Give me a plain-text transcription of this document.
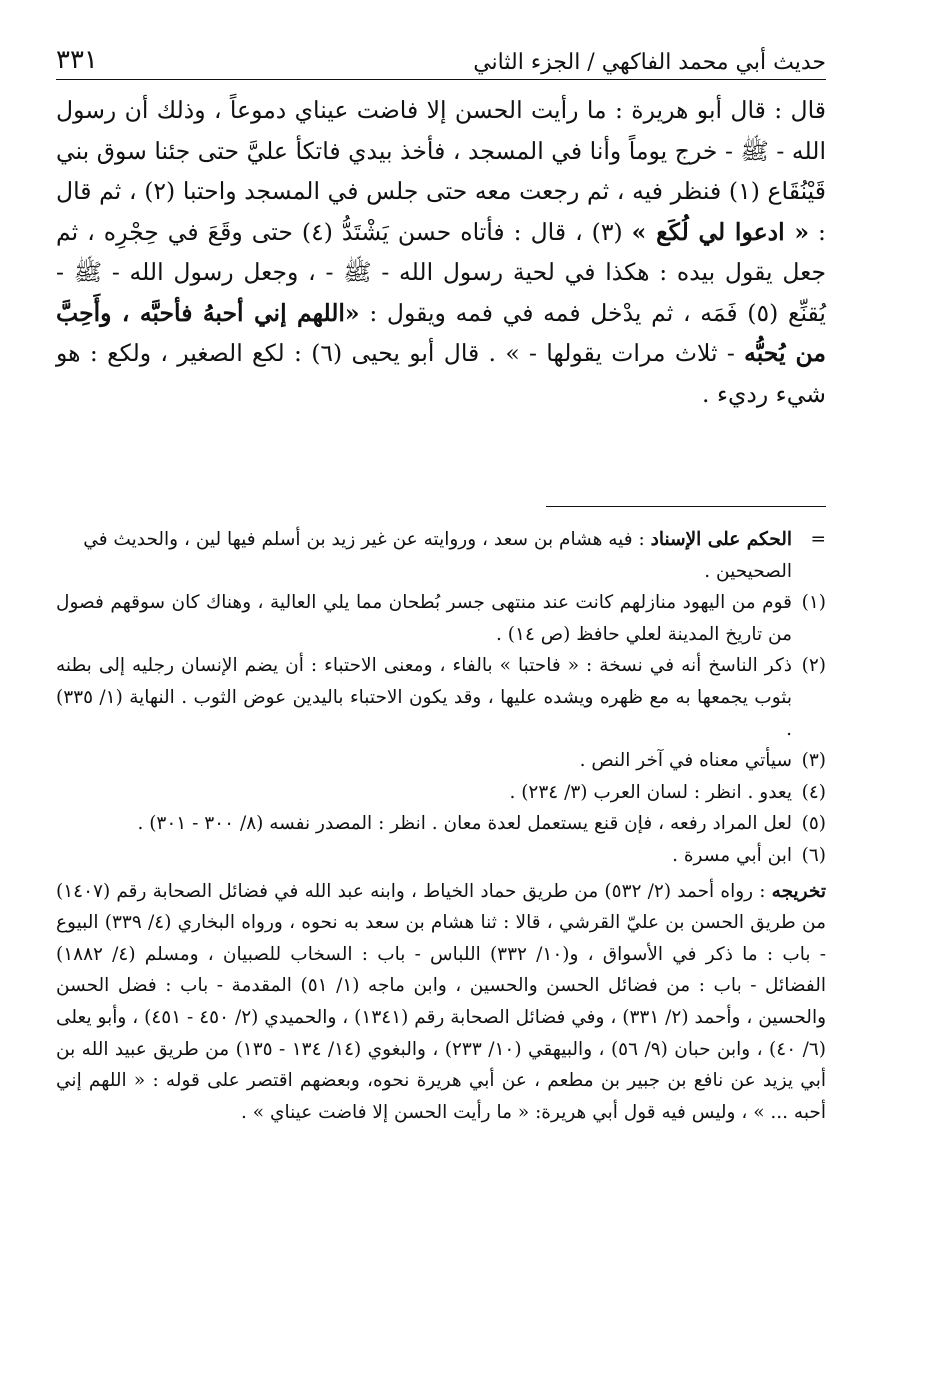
حديث أبي محمد الفاكهي / الجزء الثاني
٣٣١

قال : قال أبو هريرة : ما رأيت الحسن إلا فاضت عيناي دموعاً ، وذلك أن رسول الله - ﷺ - خرج يوماً وأنا في المسجد ، فأخذ بيدي فاتكأ عليَّ حتى جئنا سوق بني قَيْنُقَاع (١) فنظر فيه ، ثم رجعت معه حتى جلس في المسجد واحتبا (٢) ، ثم قال : « ادعوا لي لُكَع » (٣) ، قال : فأتاه حسن يَشْتَدُّ (٤) حتى وقَعَ في حِجْرِه ، ثم جعل يقول بيده : هكذا في لحية رسول الله - ﷺ - ، وجعل رسول الله - ﷺ - يُقنِّع (٥) فَمَه ، ثم يدْخل فمه في فمه ويقول : «اللهم إني أحبهُ فأحبَّه ، وأَحِبَّ من يُحبُّه - ثلاث مرات يقولها - » . قال أبو يحيى (٦) : لكع الصغير ، ولكع : هو شيء رديء .

=
الحكم على الإسناد : فيه هشام بن سعد ، وروايته عن غير زيد بن أسلم فيها لين ، والحديث في الصحيحين .
(١)
قوم من اليهود منازلهم كانت عند منتهى جسر بُطحان مما يلي العالية ، وهناك كان سوقهم فصول من تاريخ المدينة لعلي حافظ (ص ١٤) .
(٢)
ذكر الناسخ أنه في نسخة : « فاحتبا » بالفاء ، ومعنى الاحتباء : أن يضم الإنسان رجليه إلى بطنه بثوب يجمعها به مع ظهره ويشده عليها ، وقد يكون الاحتباء باليدين عوض الثوب . النهاية (١/ ٣٣٥) .
(٣)
سيأتي معناه في آخر النص .
(٤)
يعدو . انظر : لسان العرب (٣/ ٢٣٤) .
(٥)
لعل المراد رفعه ، فإن قنع يستعمل لعدة معان . انظر : المصدر نفسه (٨/ ٣٠٠ - ٣٠١) .
(٦)
ابن أبي مسرة .
تخريجه : رواه أحمد (٢/ ٥٣٢) من طريق حماد الخياط ، وابنه عبد الله في فضائل الصحابة رقم (١٤٠٧) من طريق الحسن بن عليّ القرشي ، قالا : ثنا هشام بن سعد به نحوه ، ورواه البخاري (٤/ ٣٣٩) البيوع - باب : ما ذكر في الأسواق ، و(١٠/ ٣٣٢) اللباس - باب : السخاب للصبيان ، ومسلم (٤/ ١٨٨٢) الفضائل - باب : من فضائل الحسن والحسين ، وابن ماجه (١/ ٥١) المقدمة - باب : فضل الحسن والحسين ، وأحمد (٢/ ٣٣١) ، وفي فضائل الصحابة رقم (١٣٤١) ، والحميدي (٢/ ٤٥٠ - ٤٥١) ، وأبو يعلى (٦/ ٤٠) ، وابن حبان (٩/ ٥٦) ، والبيهقي (١٠/ ٢٣٣) ، والبغوي (١٤/ ١٣٤ - ١٣٥) من طريق عبيد الله بن أبي يزيد عن نافع بن جبير بن مطعم ، عن أبي هريرة نحوه، وبعضهم اقتصر على قوله : « اللهم إني أحبه ... » ، وليس فيه قول أبي هريرة: « ما رأيت الحسن إلا فاضت عيناي » .
